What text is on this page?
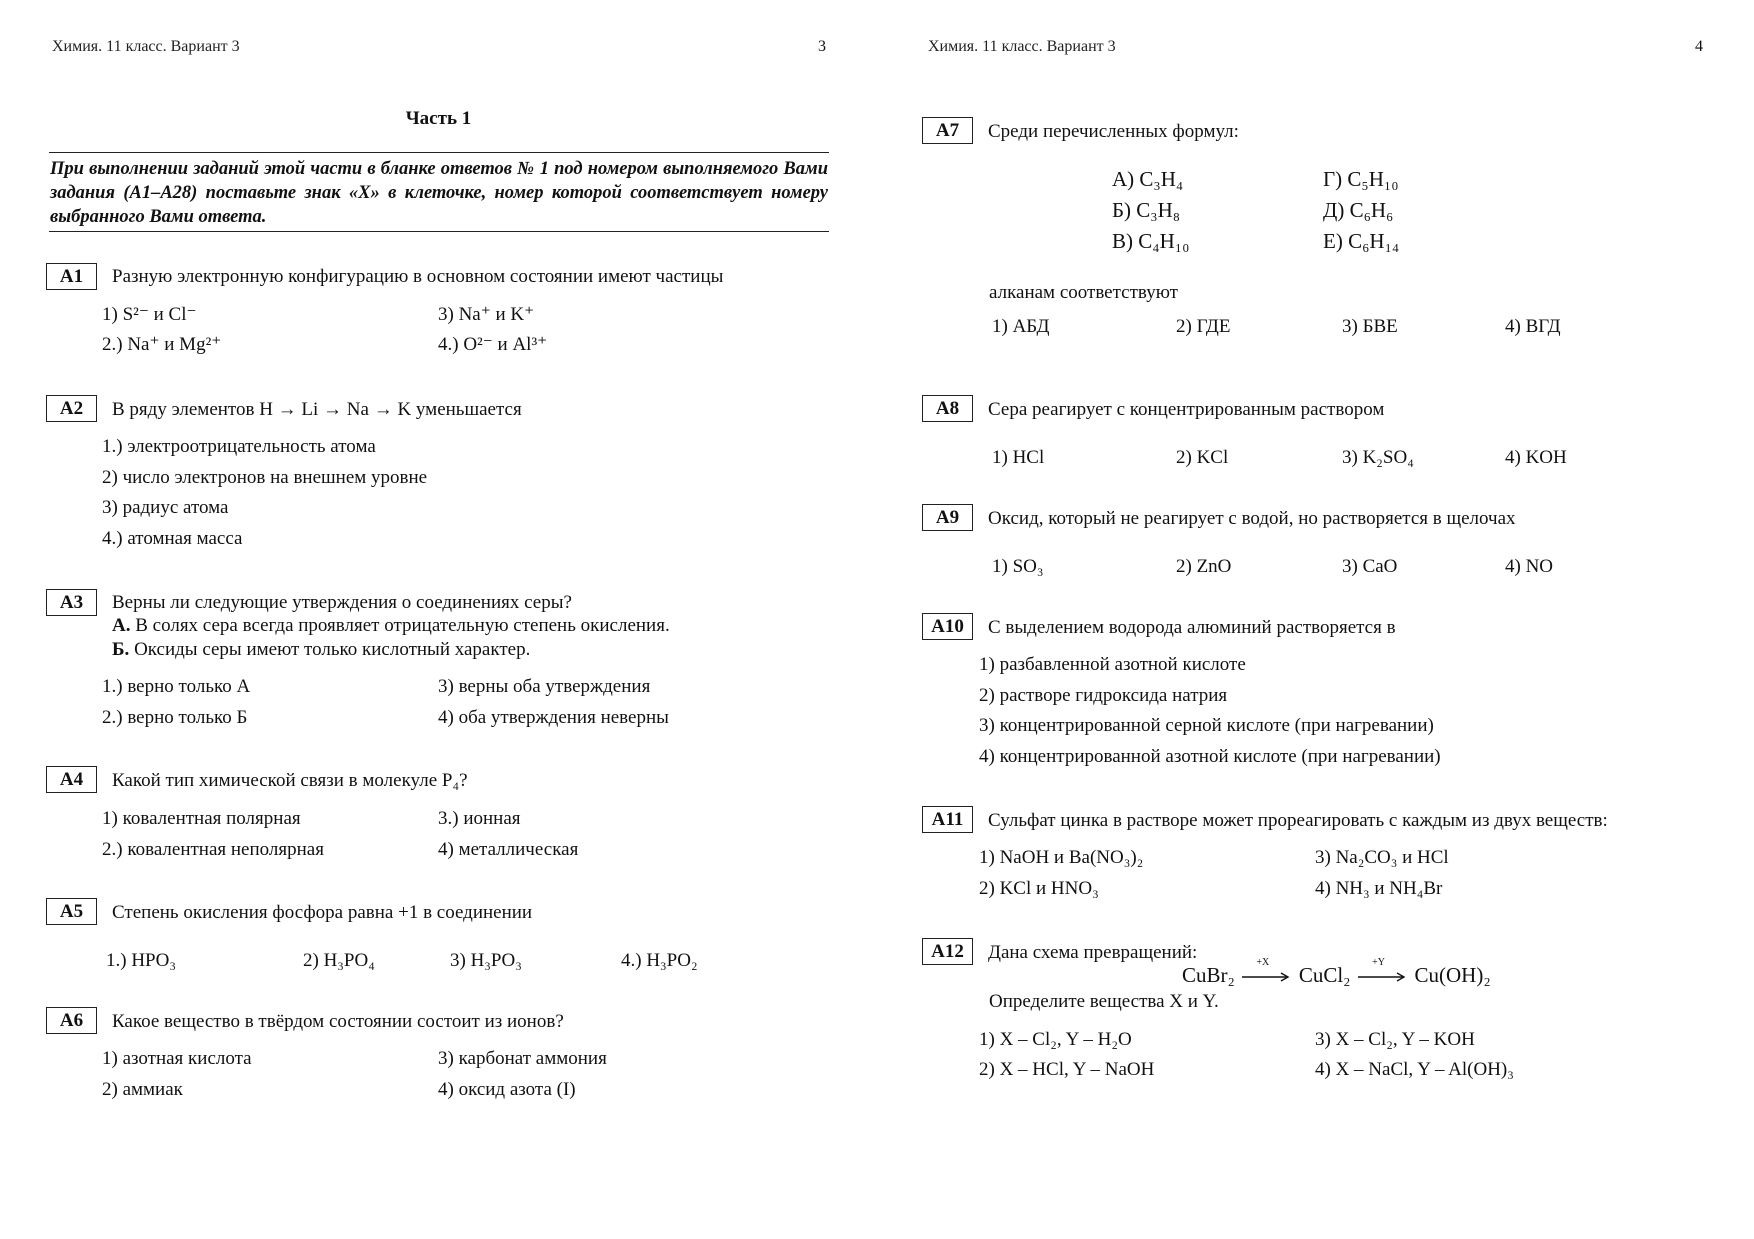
Химия. 11 класс. Вариант 3	3
Часть 1
При выполнении заданий этой части в бланке ответов № 1 под номером выполняемого Вами задания (А1–А28) поставьте знак «Х» в клеточке, номер которой соответствует номеру выбранного Вами ответа.
А1	Разную электронную конфигурацию в основном состоянии имеют частицы
1) S²⁻ и Cl⁻
2.) Na⁺ и Mg²⁺
3) Na⁺ и K⁺
4.) O²⁻ и Al³⁺
А2	В ряду элементов H → Li → Na → K уменьшается
1.) электроотрицательность атома
2) число электронов на внешнем уровне
3) радиус атома
4.) атомная масса
А3	Верны ли следующие утверждения о соединениях серы?
А. В солях сера всегда проявляет отрицательную степень окисления.
Б. Оксиды серы имеют только кислотный характер.
1.) верно только А
2.) верно только Б
3) верны оба утверждения
4) оба утверждения неверны
А4	Какой тип химической связи в молекуле P₄?
1) ковалентная полярная
2.) ковалентная неполярная
3.) ионная
4) металлическая
А5	Степень окисления фосфора равна +1 в соединении
1.) HPO₃	2) H₃PO₄	3) H₃PO₃	4.) H₃PO₂
А6	Какое вещество в твёрдом состоянии состоит из ионов?
1) азотная кислота
2) аммиак
3) карбонат аммония
4) оксид азота (I)
Химия. 11 класс. Вариант 3	4
А7	Среди перечисленных формул:
А) C₃H₄
Б) C₃H₈
В) C₄H₁₀
Г) C₅H₁₀
Д) C₆H₆
Е) C₆H₁₄
алканам соответствуют
1) АБД	2) ГДЕ	3) БВЕ	4) ВГД
А8	Сера реагирует с концентрированным раствором
1) HCl	2) KCl	3) K₂SO₄	4) KOH
А9	Оксид, который не реагирует с водой, но растворяется в щелочах
1) SO₃	2) ZnO	3) CaO	4) NO
А10	С выделением водорода алюминий растворяется в
1) разбавленной азотной кислоте
2) растворе гидроксида натрия
3) концентрированной серной кислоте (при нагревании)
4) концентрированной азотной кислоте (при нагревании)
А11	Сульфат цинка в растворе может прореагировать с каждым из двух веществ:
1) NaOH и Ba(NO₃)₂
2) KCl и HNO₃
3) Na₂CO₃ и HCl
4) NH₃ и NH₄Br
А12	Дана схема превращений:
CuBr₂
+X
CuCl₂
+Y
Cu(OH)₂
Определите вещества X и Y.
1) X – Cl₂, Y – H₂O
2) X – HCl, Y – NaOH
3) X – Cl₂, Y – KOH
4) X – NaCl, Y – Al(OH)₃
